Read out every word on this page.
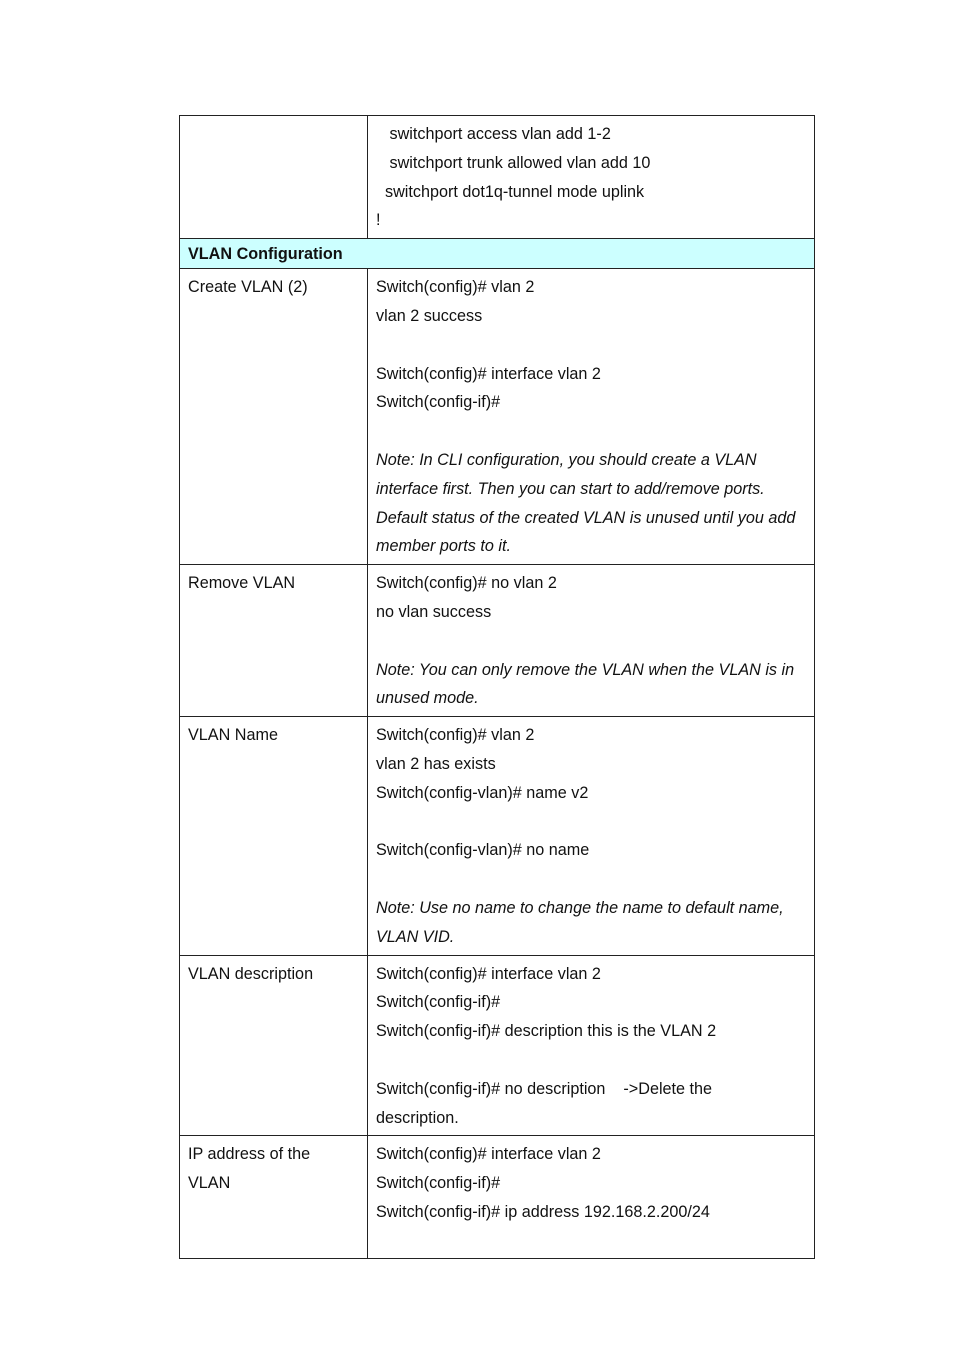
	switchport access vlan add 1-2
switchport trunk allowed vlan add 10
switchport dot1q-tunnel mode uplink
!

VLAN Configuration	

Create VLAN (2)	Switch(config)# vlan 2
vlan 2 success
Switch(config)# interface vlan 2
Switch(config-if)#
Note: In CLI configuration, you should create a VLAN interface first. Then you can start to add/remove ports. Default status of the created VLAN is unused until you add member ports to it.

Remove VLAN	Switch(config)# no vlan 2
no vlan success
Note: You can only remove the VLAN when the VLAN is in unused mode.

VLAN Name	Switch(config)# vlan 2
vlan 2 has exists
Switch(config-vlan)# name v2
Switch(config-vlan)# no name
Note: Use no name to change the name to default name, VLAN VID.

VLAN description	Switch(config)# interface vlan 2
Switch(config-if)#
Switch(config-if)# description this is the VLAN 2
Switch(config-if)# no description    ->Delete the
description.

IP address of the
VLAN	Switch(config)# interface vlan 2
Switch(config-if)#
Switch(config-if)# ip address 192.168.2.200/24
